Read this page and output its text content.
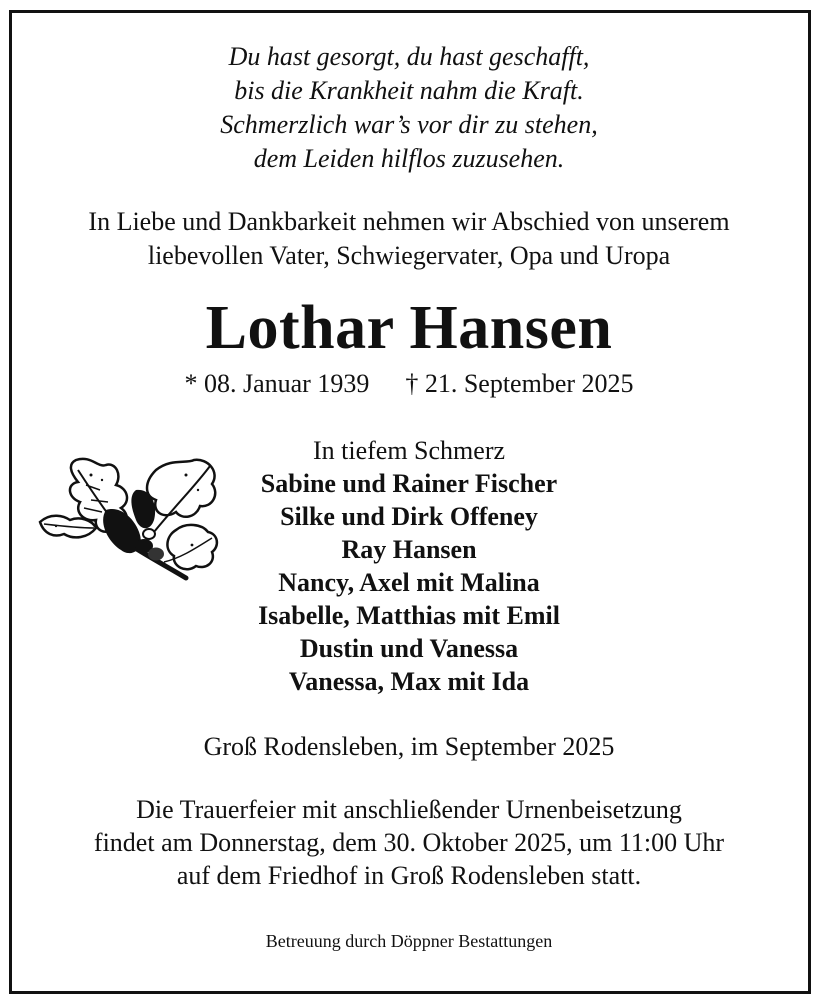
Du hast gesorgt, du hast geschafft,
bis die Krankheit nahm die Kraft.
Schmerzlich war’s vor dir zu stehen,
dem Leiden hilflos zuzusehen.
In Liebe und Dankbarkeit nehmen wir Abschied von unserem
liebevollen Vater, Schwiegervater, Opa und Uropa
Lothar Hansen
* 08. Januar 1939 † 21. September 2025
In tiefem Schmerz
Sabine und Rainer Fischer
Silke und Dirk Offeney
Ray Hansen
Nancy, Axel mit Malina
Isabelle, Matthias mit Emil
Dustin und Vanessa
Vanessa, Max mit Ida
Groß Rodensleben, im September 2025
Die Trauerfeier mit anschließender Urnenbeisetzung
findet am Donnerstag, dem 30. Oktober 2025, um 11:00 Uhr
auf dem Friedhof in Groß Rodensleben statt.
Betreuung durch Döppner Bestattungen
